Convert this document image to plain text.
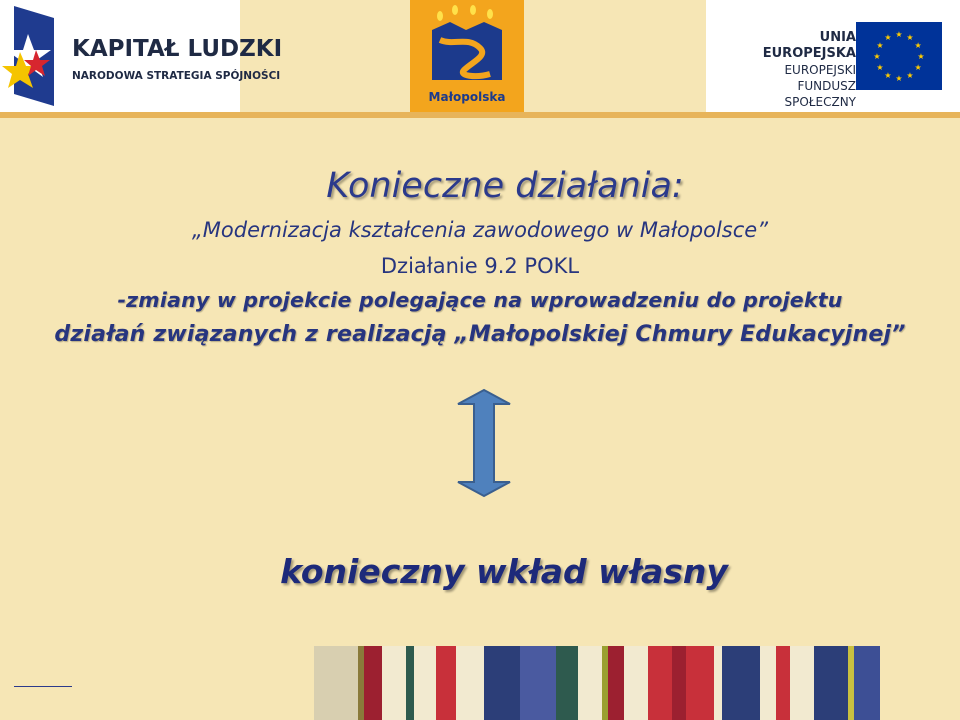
KAPITAŁ LUDZKI
NARODOWA STRATEGIA SPÓJNOŚCI
Małopolska
UNIA EUROPEJSKA
EUROPEJSKI
FUNDUSZ SPOŁECZNY
★ ★
★
★
★
★
★
★
★
★
★
★
Konieczne działania:
„Modernizacja kształcenia zawodowego w Małopolsce”
Działanie 9.2 POKL
-zmiany w projekcie polegające na wprowadzeniu do projektu
działań związanych z realizacją „Małopolskiej Chmury Edukacyjnej”
konieczny wkład własny
